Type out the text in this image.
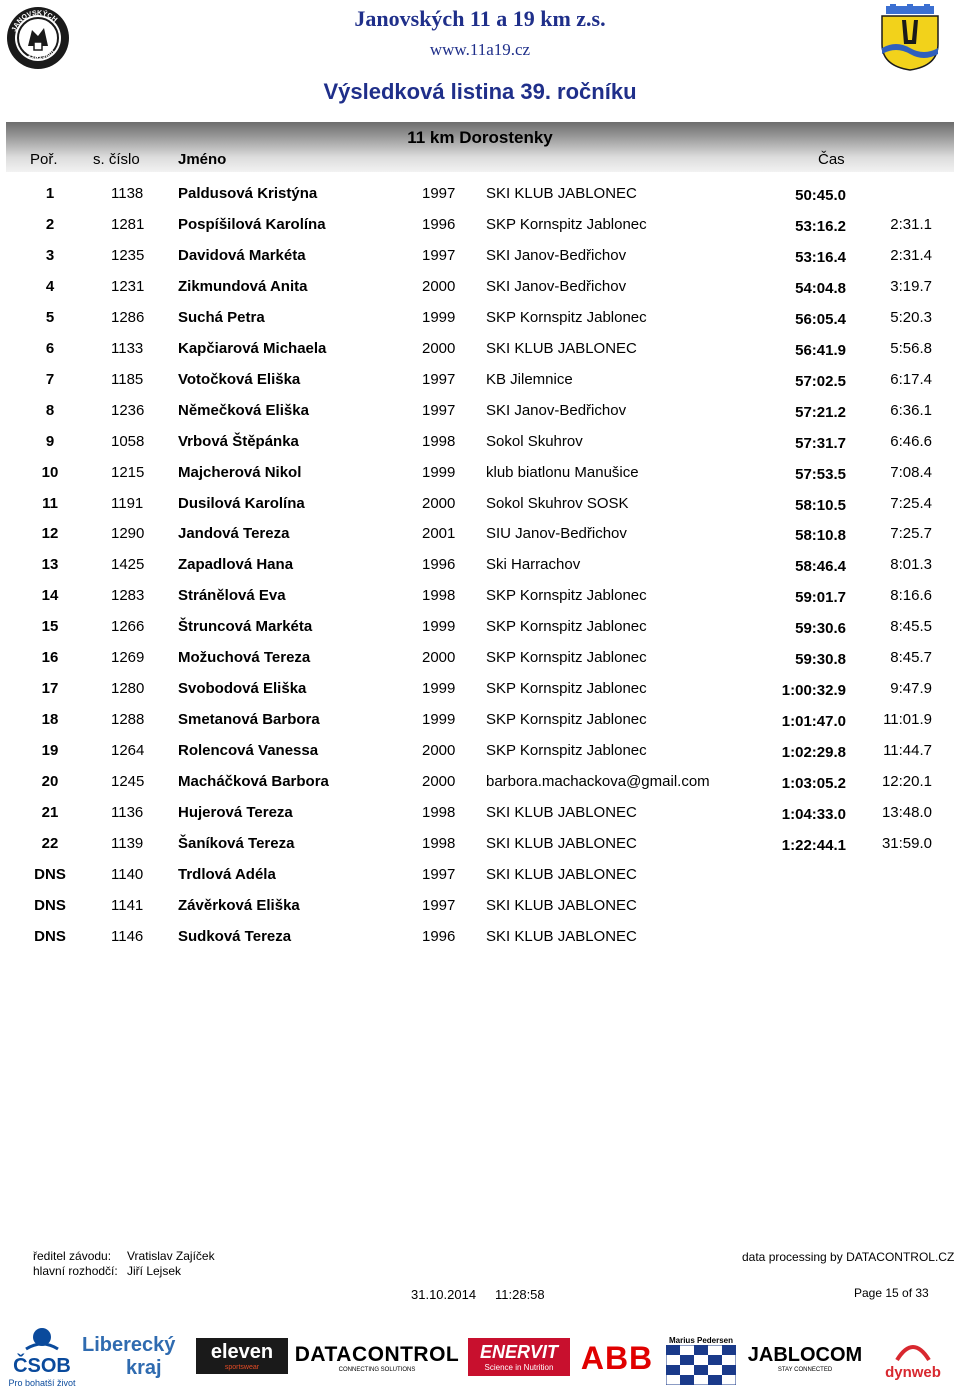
JANOVSKÝCH
11a19km
Janovských 11 a 19 km z.s.
www.11a19.cz
Výsledková listina 39. ročníku
11 km Dorostenky
Poř. s. číslo	Jméno	Čas
1	1138 Paldusová Kristýna	1997 SKI KLUB JABLONEC	50:45.0
2	1281 Pospíšilová Karolína	1996 SKP Kornspitz Jablonec	53:16.2	2:31.1
3	1235 Davidová Markéta	1997 SKI Janov-Bedřichov	53:16.4	2:31.4
4	1231 Zikmundová Anita	2000 SKI Janov-Bedřichov	54:04.8	3:19.7
5	1286 Suchá Petra	1999 SKP Kornspitz Jablonec	56:05.4	5:20.3
6	1133 Kapčiarová Michaela	2000 SKI KLUB JABLONEC	56:41.9	5:56.8
7	1185 Votočková Eliška	1997 KB Jilemnice	57:02.5	6:17.4
8	1236 Němečková Eliška	1997 SKI Janov-Bedřichov	57:21.2	6:36.1
9	1058 Vrbová Štěpánka	1998 Sokol Skuhrov	57:31.7	6:46.6
10	1215 Majcherová Nikol	1999 klub biatlonu Manušice	57:53.5	7:08.4
11	1191 Dusilová Karolína	2000 Sokol Skuhrov SOSK	58:10.5	7:25.4
12	1290 Jandová Tereza	2001 SIU Janov-Bedřichov	58:10.8	7:25.7
13	1425 Zapadlová Hana	1996 Ski Harrachov	58:46.4	8:01.3
14	1283 Stránělová Eva	1998 SKP Kornspitz Jablonec	59:01.7	8:16.6
15	1266 Štruncová Markéta	1999 SKP Kornspitz Jablonec	59:30.6	8:45.5
16	1269 Možuchová Tereza	2000 SKP Kornspitz Jablonec	59:30.8	8:45.7
17	1280 Svobodová Eliška	1999 SKP Kornspitz Jablonec	1:00:32.9	9:47.9
18	1288 Smetanová Barbora	1999 SKP Kornspitz Jablonec	1:01:47.0	11:01.9
19	1264 Rolencová Vanessa	2000 SKP Kornspitz Jablonec	1:02:29.8	11:44.7
20	1245 Macháčková Barbora	2000 barbora.machackova@gmail.com	1:03:05.2	12:20.1
21	1136 Hujerová Tereza	1998 SKI KLUB JABLONEC	1:04:33.0	13:48.0
22	1139 Šaníková Tereza	1998 SKI KLUB JABLONEC	1:22:44.1	31:59.0
DNS	1140 Trdlová Adéla	1997 SKI KLUB JABLONEC
DNS	1141 Závěrková Eliška	1997 SKI KLUB JABLONEC
DNS	1146 Sudková Tereza	1996 SKI KLUB JABLONEC
ředitel závodu: Vratislav Zajíček
hlavní rozhodčí: Jiří Lejsek
data processing by DATACONTROL.CZ
31.10.2014 11:28:58	Page 15 of 33
ČSOB
Pro bohatší život
Liberecký
kraj
eleven
sportswear
DATACONTROL
CONNECTING SOLUTIONS
ENERVIT
Science in Nutrition ABB	Marius Pedersen
JABLOCOM
STAY CONNECTED	dynweb
